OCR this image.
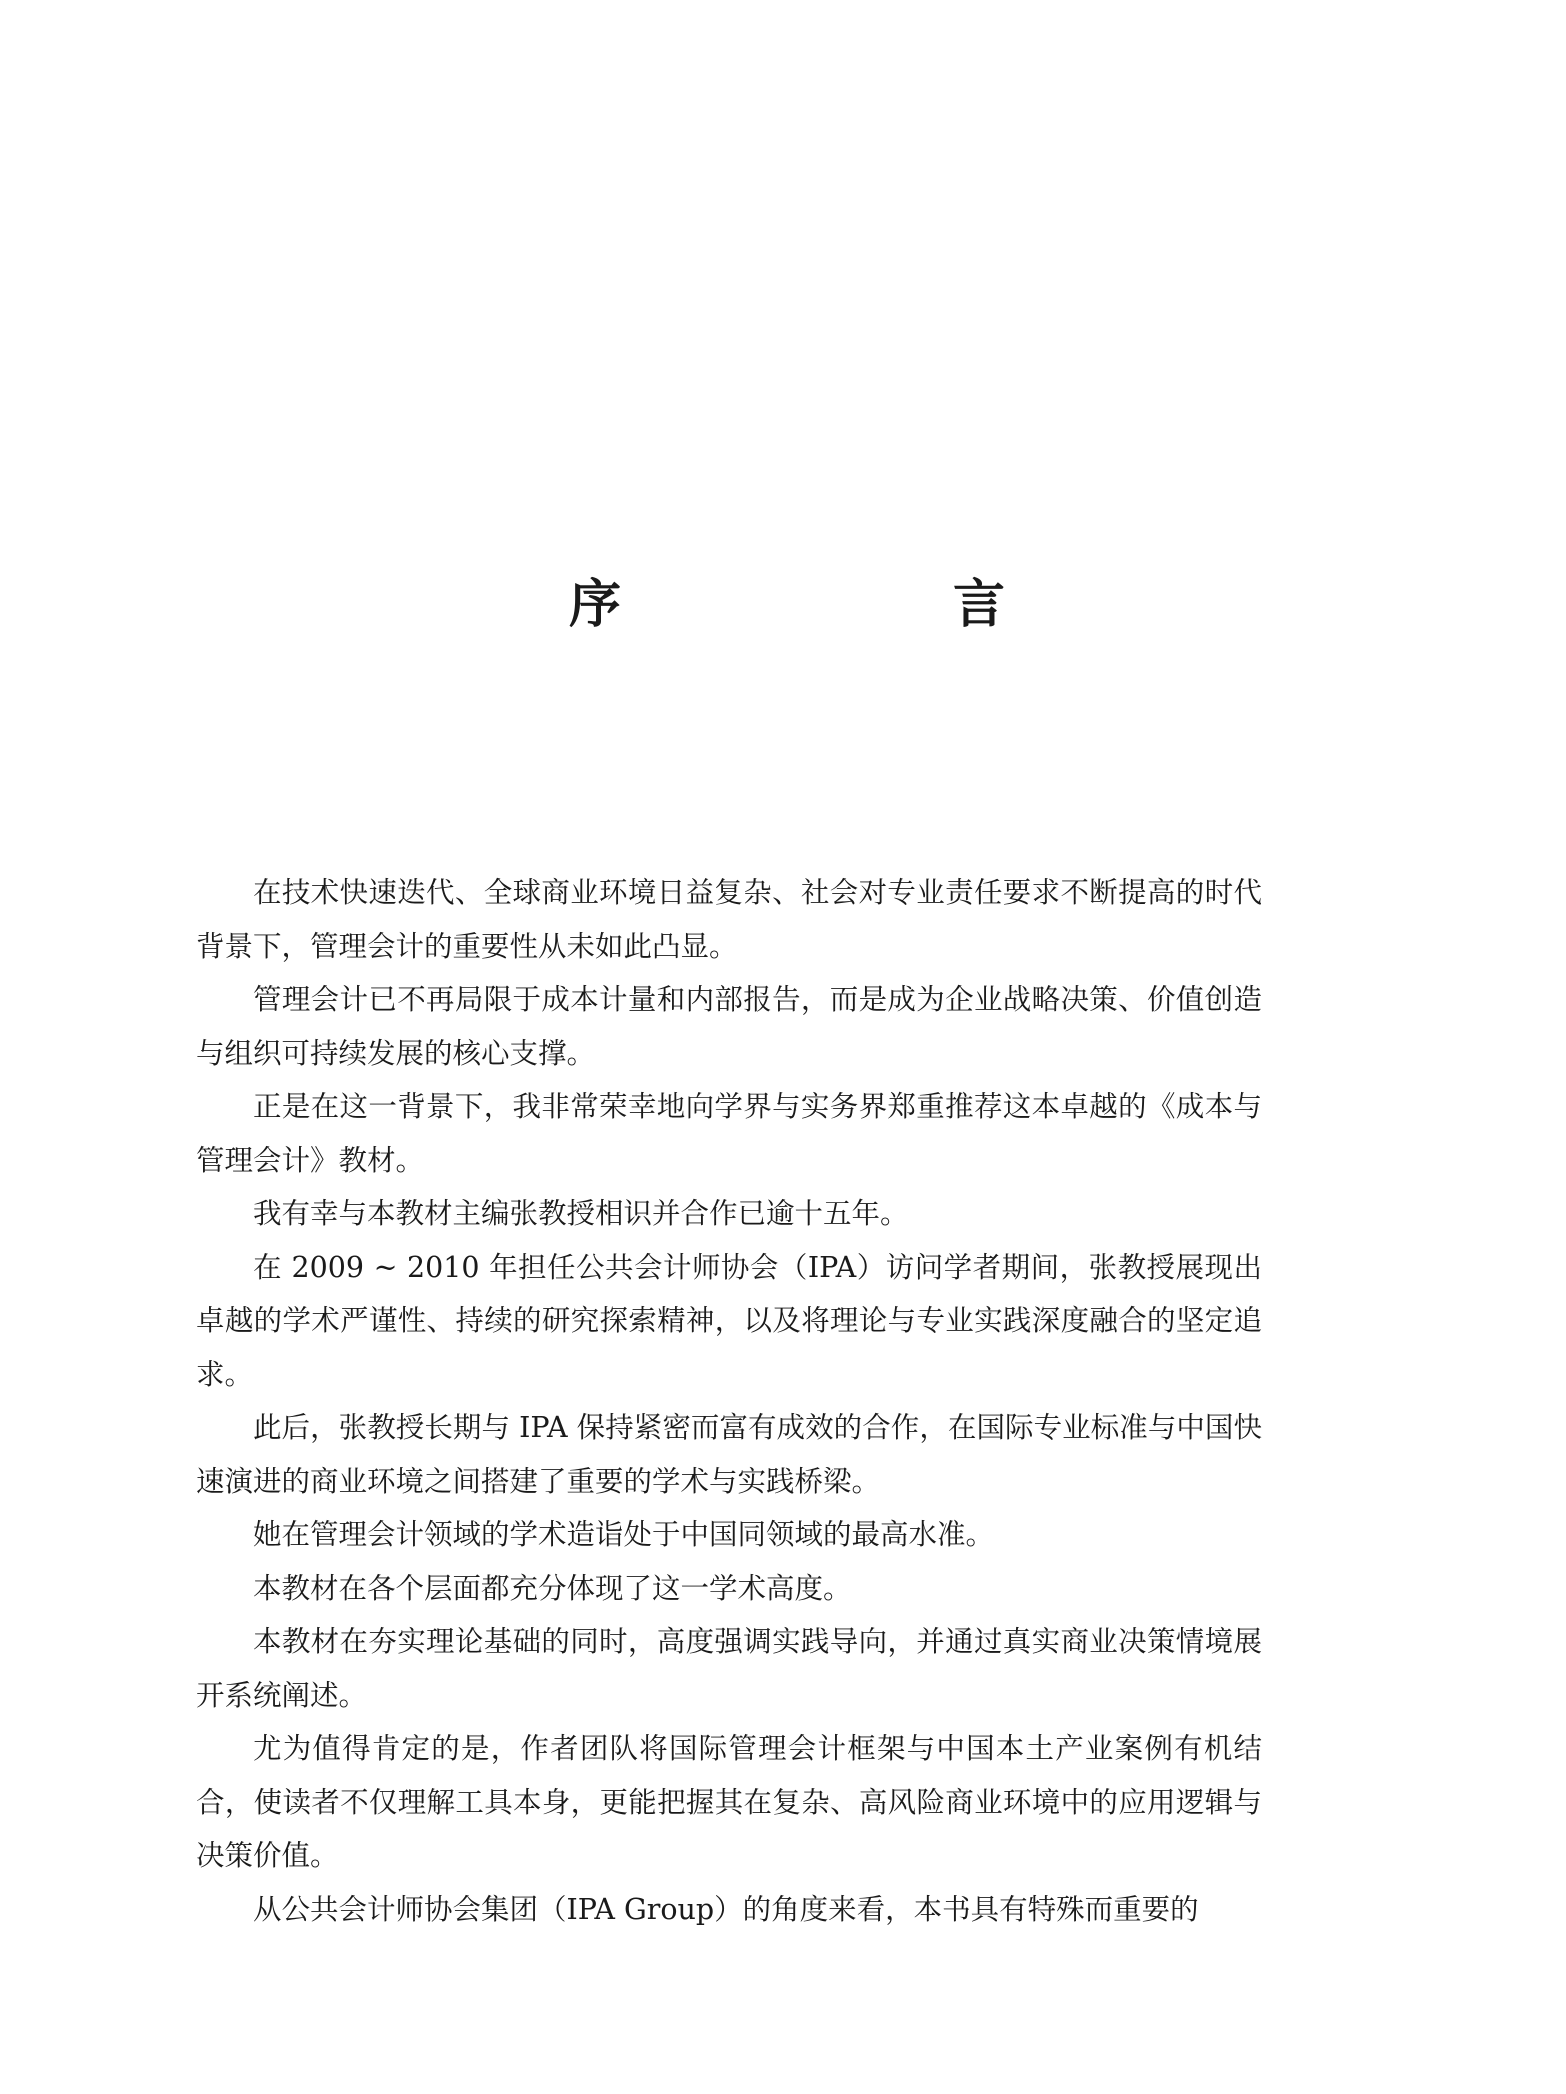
序　言

在技术快速迭代、全球商业环境日益复杂、社会对专业责任要求不断提高的时代背景下，管理会计的重要性从未如此凸显。

管理会计已不再局限于成本计量和内部报告，而是成为企业战略决策、价值创造与组织可持续发展的核心支撑。

正是在这一背景下，我非常荣幸地向学界与实务界郑重推荐这本卓越的《成本与管理会计》教材。

我有幸与本教材主编张教授相识并合作已逾十五年。

在 2009 ~ 2010 年担任公共会计师协会（IPA）访问学者期间，张教授展现出卓越的学术严谨性、持续的研究探索精神，以及将理论与专业实践深度融合的坚定追求。

此后，张教授长期与 IPA 保持紧密而富有成效的合作，在国际专业标准与中国快速演进的商业环境之间搭建了重要的学术与实践桥梁。

她在管理会计领域的学术造诣处于中国同领域的最高水准。

本教材在各个层面都充分体现了这一学术高度。

本教材在夯实理论基础的同时，高度强调实践导向，并通过真实商业决策情境展开系统阐述。

尤为值得肯定的是，作者团队将国际管理会计框架与中国本土产业案例有机结合，使读者不仅理解工具本身，更能把握其在复杂、高风险商业环境中的应用逻辑与决策价值。

从公共会计师协会集团（IPA Group）的角度来看，本书具有特殊而重要的
